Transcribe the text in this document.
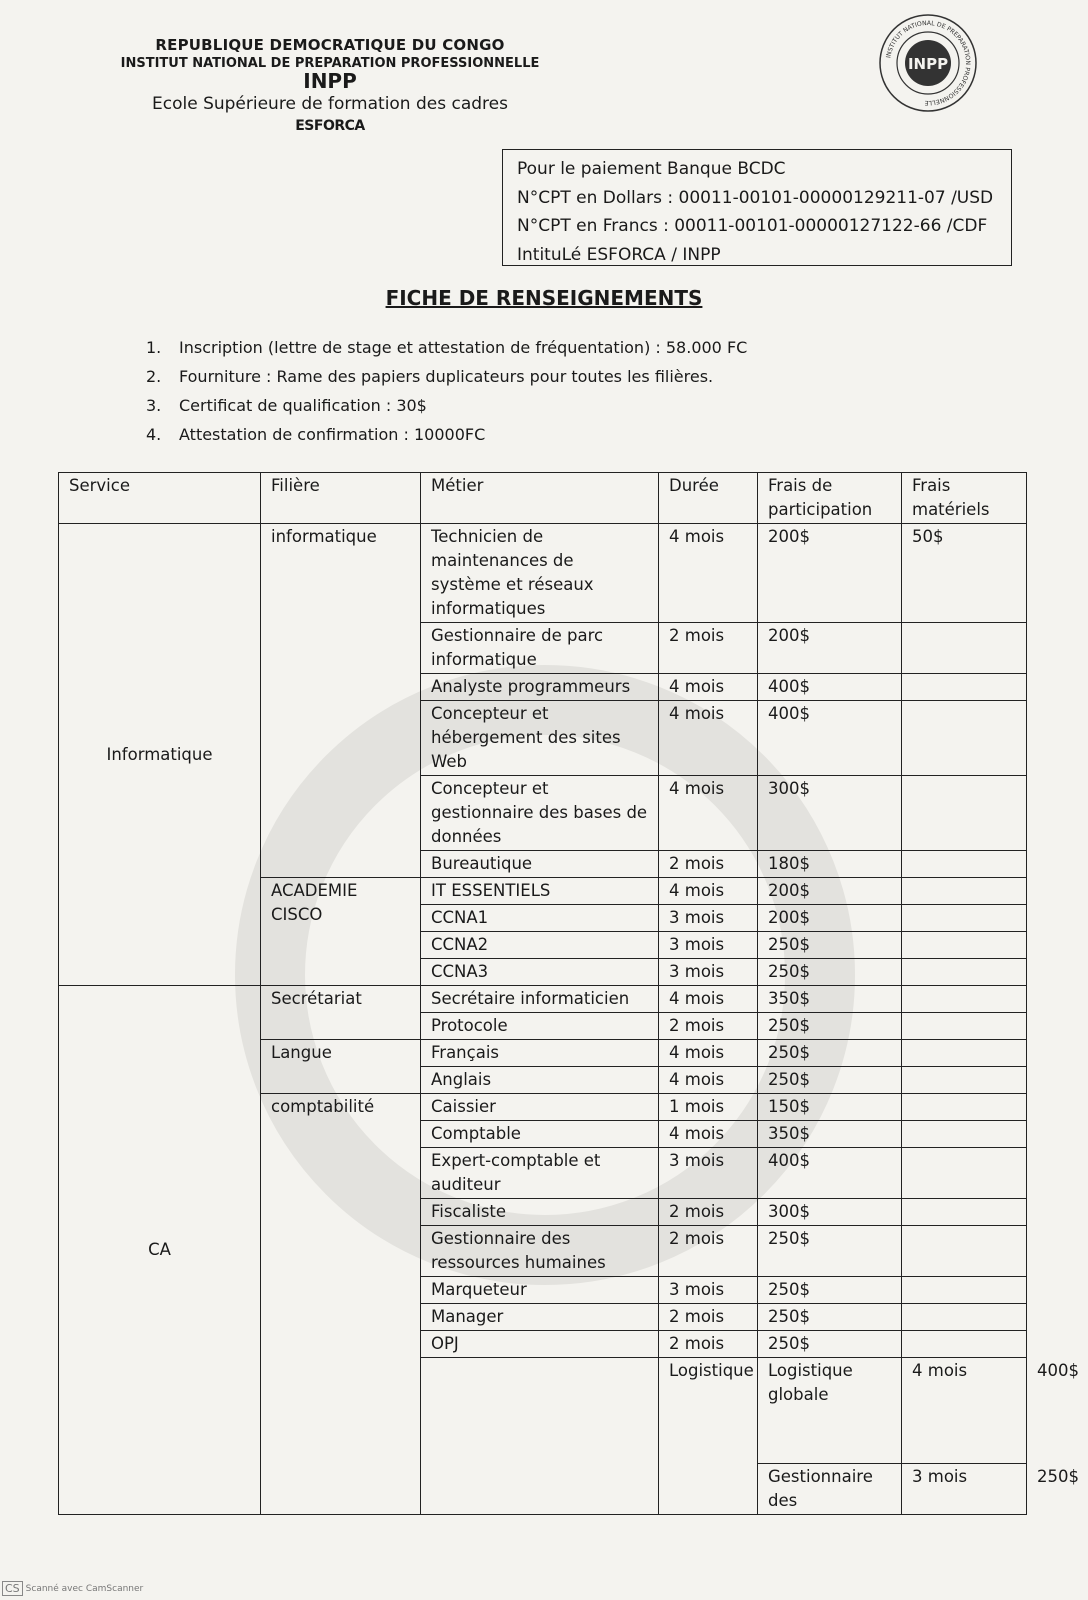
REPUBLIQUE DEMOCRATIQUE DU CONGO
INSTITUT NATIONAL DE PREPARATION PROFESSIONNELLE
INPP
Ecole Supérieure de formation des cadres
ESFORCA
INSTITUT NATIONAL DE PREPARATION PROFESSIONNELLE
INPP
Pour le paiement Banque BCDC
N°CPT en Dollars : 00011-00101-00000129211-07 /USD
N°CPT en Francs : 00011-00101-00000127122-66 /CDF
IntituLé ESFORCA / INPP
FICHE DE RENSEIGNEMENTS
1.	Inscription (lettre de stage et attestation de fréquentation) : 58.000 FC
2.	Fourniture : Rame des papiers duplicateurs pour toutes les filières.
3.	Certificat de qualification : 30$
4.	Attestation de confirmation : 10000FC
Service	Filière	Métier	Durée	Frais de participation	Frais matériels	
Informatique	informatique	Technicien de maintenances de système et réseaux informatiques	4 mois	200$	50$	
		Gestionnaire de parc informatique	2 mois	200$		
		Analyste programmeurs	4 mois	400$		
		Concepteur et hébergement des sites Web	4 mois	400$		
		Concepteur et gestionnaire des bases de données	4 mois	300$		
		Bureautique	2 mois	180$		
	ACADEMIE CISCO	IT ESSENTIELS	4 mois	200$		
		CCNA1	3 mois	200$		
		CCNA2	3 mois	250$		
		CCNA3	3 mois	250$		
CA	Secrétariat	Secrétaire informaticien	4 mois	350$		
		Protocole	2 mois	250$		
	Langue	Français	4 mois	250$		
		Anglais	4 mois	250$		
	comptabilité	Caissier	1 mois	150$		
		Comptable	4 mois	350$		
		Expert-comptable et auditeur	3 mois	400$		
		Fiscaliste	2 mois	300$		
		Gestionnaire des ressources humaines	2 mois	250$		
		Marqueteur	3 mois	250$		
		Manager	2 mois	250$		
		OPJ	2 mois	250$		
			Logistique	Logistique globale	4 mois	400$	
				Gestionnaire des	3 mois	250$	
CS Scanné avec CamScanner
